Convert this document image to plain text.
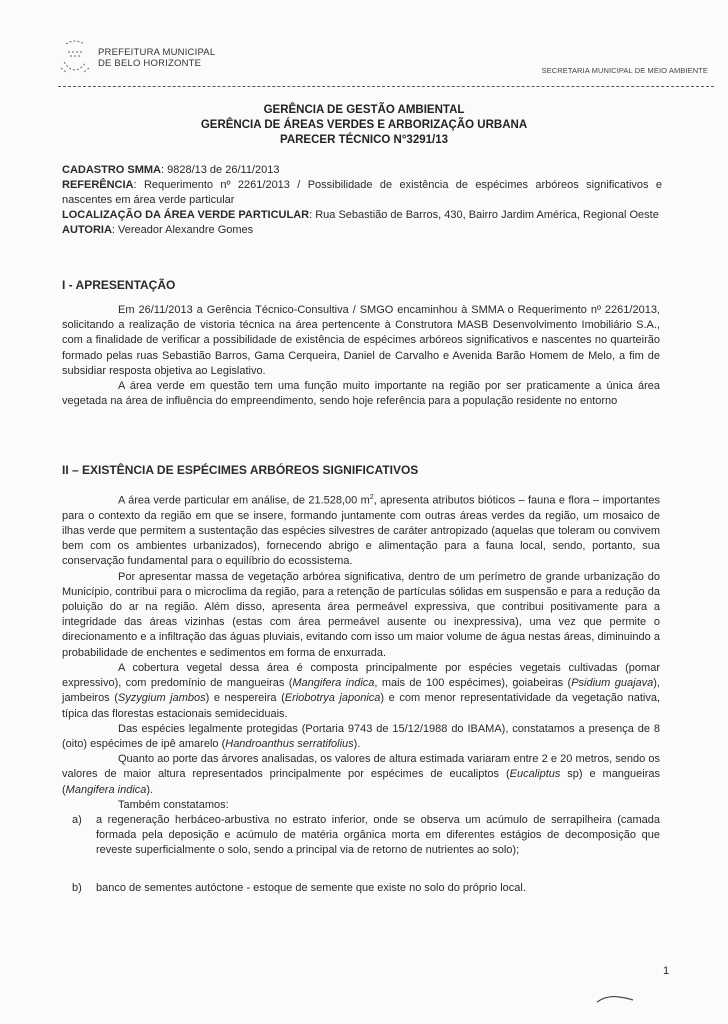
PREFEITURA MUNICIPAL
DE BELO HORIZONTE
SECRETARIA MUNICIPAL DE MEIO AMBIENTE
GERÊNCIA DE GESTÃO AMBIENTAL
GERÊNCIA DE ÁREAS VERDES E ARBORIZAÇÃO URBANA
PARECER TÉCNICO N°3291/13
CADASTRO SMMA: 9828/13 de 26/11/2013
REFERÊNCIA: Requerimento nº 2261/2013 / Possibilidade de existência de espécimes arbóreos significativos e nascentes em área verde particular
LOCALIZAÇÃO DA ÁREA VERDE PARTICULAR: Rua Sebastião de Barros, 430, Bairro Jardim América, Regional Oeste
AUTORIA: Vereador Alexandre Gomes
I - APRESENTAÇÃO

Em 26/11/2013 a Gerência Técnico-Consultiva / SMGO encaminhou à SMMA o Requerimento nº 2261/2013, solicitando a realização de vistoria técnica na área pertencente à Construtora MASB Desenvolvimento Imobiliário S.A., com a finalidade de verificar a possibilidade de existência de espécimes arbóreos significativos e nascentes no quarteirão formado pelas ruas Sebastião Barros, Gama Cerqueira, Daniel de Carvalho e Avenida Barão Homem de Melo, a fim de subsidiar resposta objetiva ao Legislativo.

A área verde em questão tem uma função muito importante na região por ser praticamente a única área vegetada na área de influência do empreendimento, sendo hoje referência para a população residente no entorno

II – EXISTÊNCIA DE ESPÉCIMES ARBÓREOS SIGNIFICATIVOS

A área verde particular em análise, de 21.528,00 $m^2$, apresenta atributos bióticos – fauna e flora – importantes para o contexto da região em que se insere, formando juntamente com outras áreas verdes da região, um mosaico de ilhas verde que permitem a sustentação das espécies silvestres de caráter antropizado (aquelas que toleram ou convivem bem com os ambientes urbanizados), fornecendo abrigo e alimentação para a fauna local, sendo, portanto, sua conservação fundamental para o equilíbrio do ecossistema.

Por apresentar massa de vegetação arbórea significativa, dentro de um perímetro de grande urbanização do Município, contribui para o microclima da região, para a retenção de partículas sólidas em suspensão e para a redução da poluição do ar na região. Além disso, apresenta área permeável expressiva, que contribui positivamente para a integridade das áreas vizinhas (estas com área permeável ausente ou inexpressiva), uma vez que permite o direcionamento e a infiltração das águas pluviais, evitando com isso um maior volume de água nestas áreas, diminuindo a probabilidade de enchentes e sedimentos em forma de enxurrada.

A cobertura vegetal dessa área é composta principalmente por espécies vegetais cultivadas (pomar expressivo), com predomínio de mangueiras (Mangifera indica, mais de 100 espécimes), goiabeiras (Psidium guajava), jambeiros (Syzygium jambos) e nespereira (Eriobotrya japonica) e com menor representatividade da vegetação nativa, típica das florestas estacionais semideciduais.

Das espécies legalmente protegidas (Portaria 9743 de 15/12/1988 do IBAMA), constatamos a presença de 8 (oito) espécimes de ipê amarelo (Handroanthus serratifolius).

Quanto ao porte das árvores analisadas, os valores de altura estimada variaram entre 2 e 20 metros, sendo os valores de maior altura representados principalmente por espécimes de eucaliptos (Eucaliptus sp) e mangueiras (Mangifera indica).

Também constatamos:

a) a regeneração herbáceo-arbustiva no estrato inferior, onde se observa um acúmulo de serrapilheira (camada formada pela deposição e acúmulo de matéria orgânica morta em diferentes estágios de decomposição que reveste superficialmente o solo, sendo a principal via de retorno de nutrientes ao solo);
b) banco de sementes autóctone - estoque de semente que existe no solo do próprio local.
1
